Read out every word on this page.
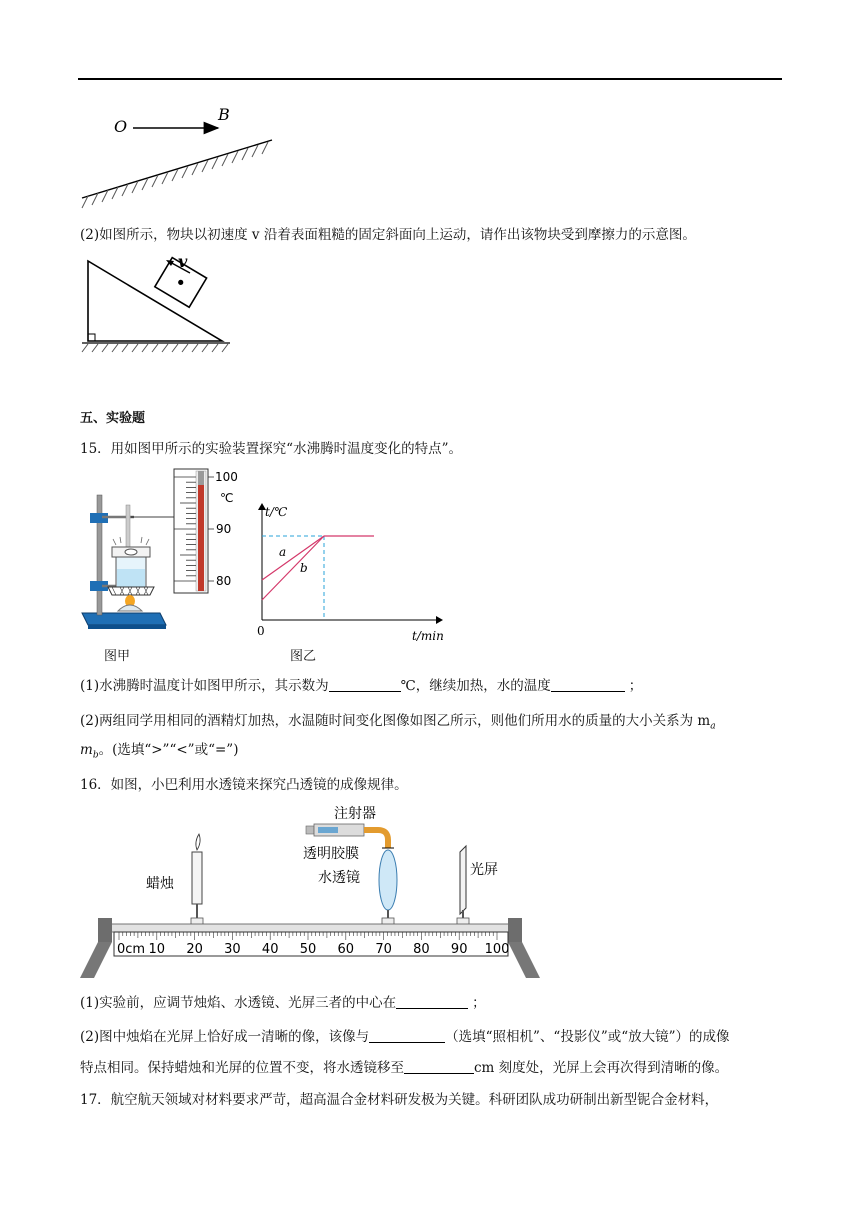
O
B
(2)如图所示，物块以初速度 v 沿着表面粗糙的固定斜面向上运动，请作出该物块受到摩擦力的示意图。
v
五、实验题
15．用如图甲所示的实验装置探究“水沸腾时温度变化的特点”。
100
℃
90
80
t/℃
a
b
0	t/min
图甲	图乙
(1)水沸腾时温度计如图甲所示，其示数为	℃，继续加热，水的温度	；
(2)两组同学用相同的酒精灯加热，水温随时间变化图像如图乙所示，则他们所用水的质量的大小关系为 $m_a$
$m_b$。(选填“>”“<”或“=”)
16．如图，小巴利用水透镜来探究凸透镜的成像规律。
注射器
透明胶膜
水透镜
蜡烛
光屏
0cm 10 20 30 40 50 60 70 80 90 100
(1)实验前，应调节烛焰、水透镜、光屏三者的中心在	；
(2)图中烛焰在光屏上恰好成一清晰的像，该像与	（选填“照相机”、“投影仪”或“放大镜”）的成像
特点相同。保持蜡烛和光屏的位置不变，将水透镜移至	cm 刻度处，光屏上会再次得到清晰的像。
17．航空航天领域对材料要求严苛，超高温合金材料研发极为关键。科研团队成功研制出新型铌合金材料，
